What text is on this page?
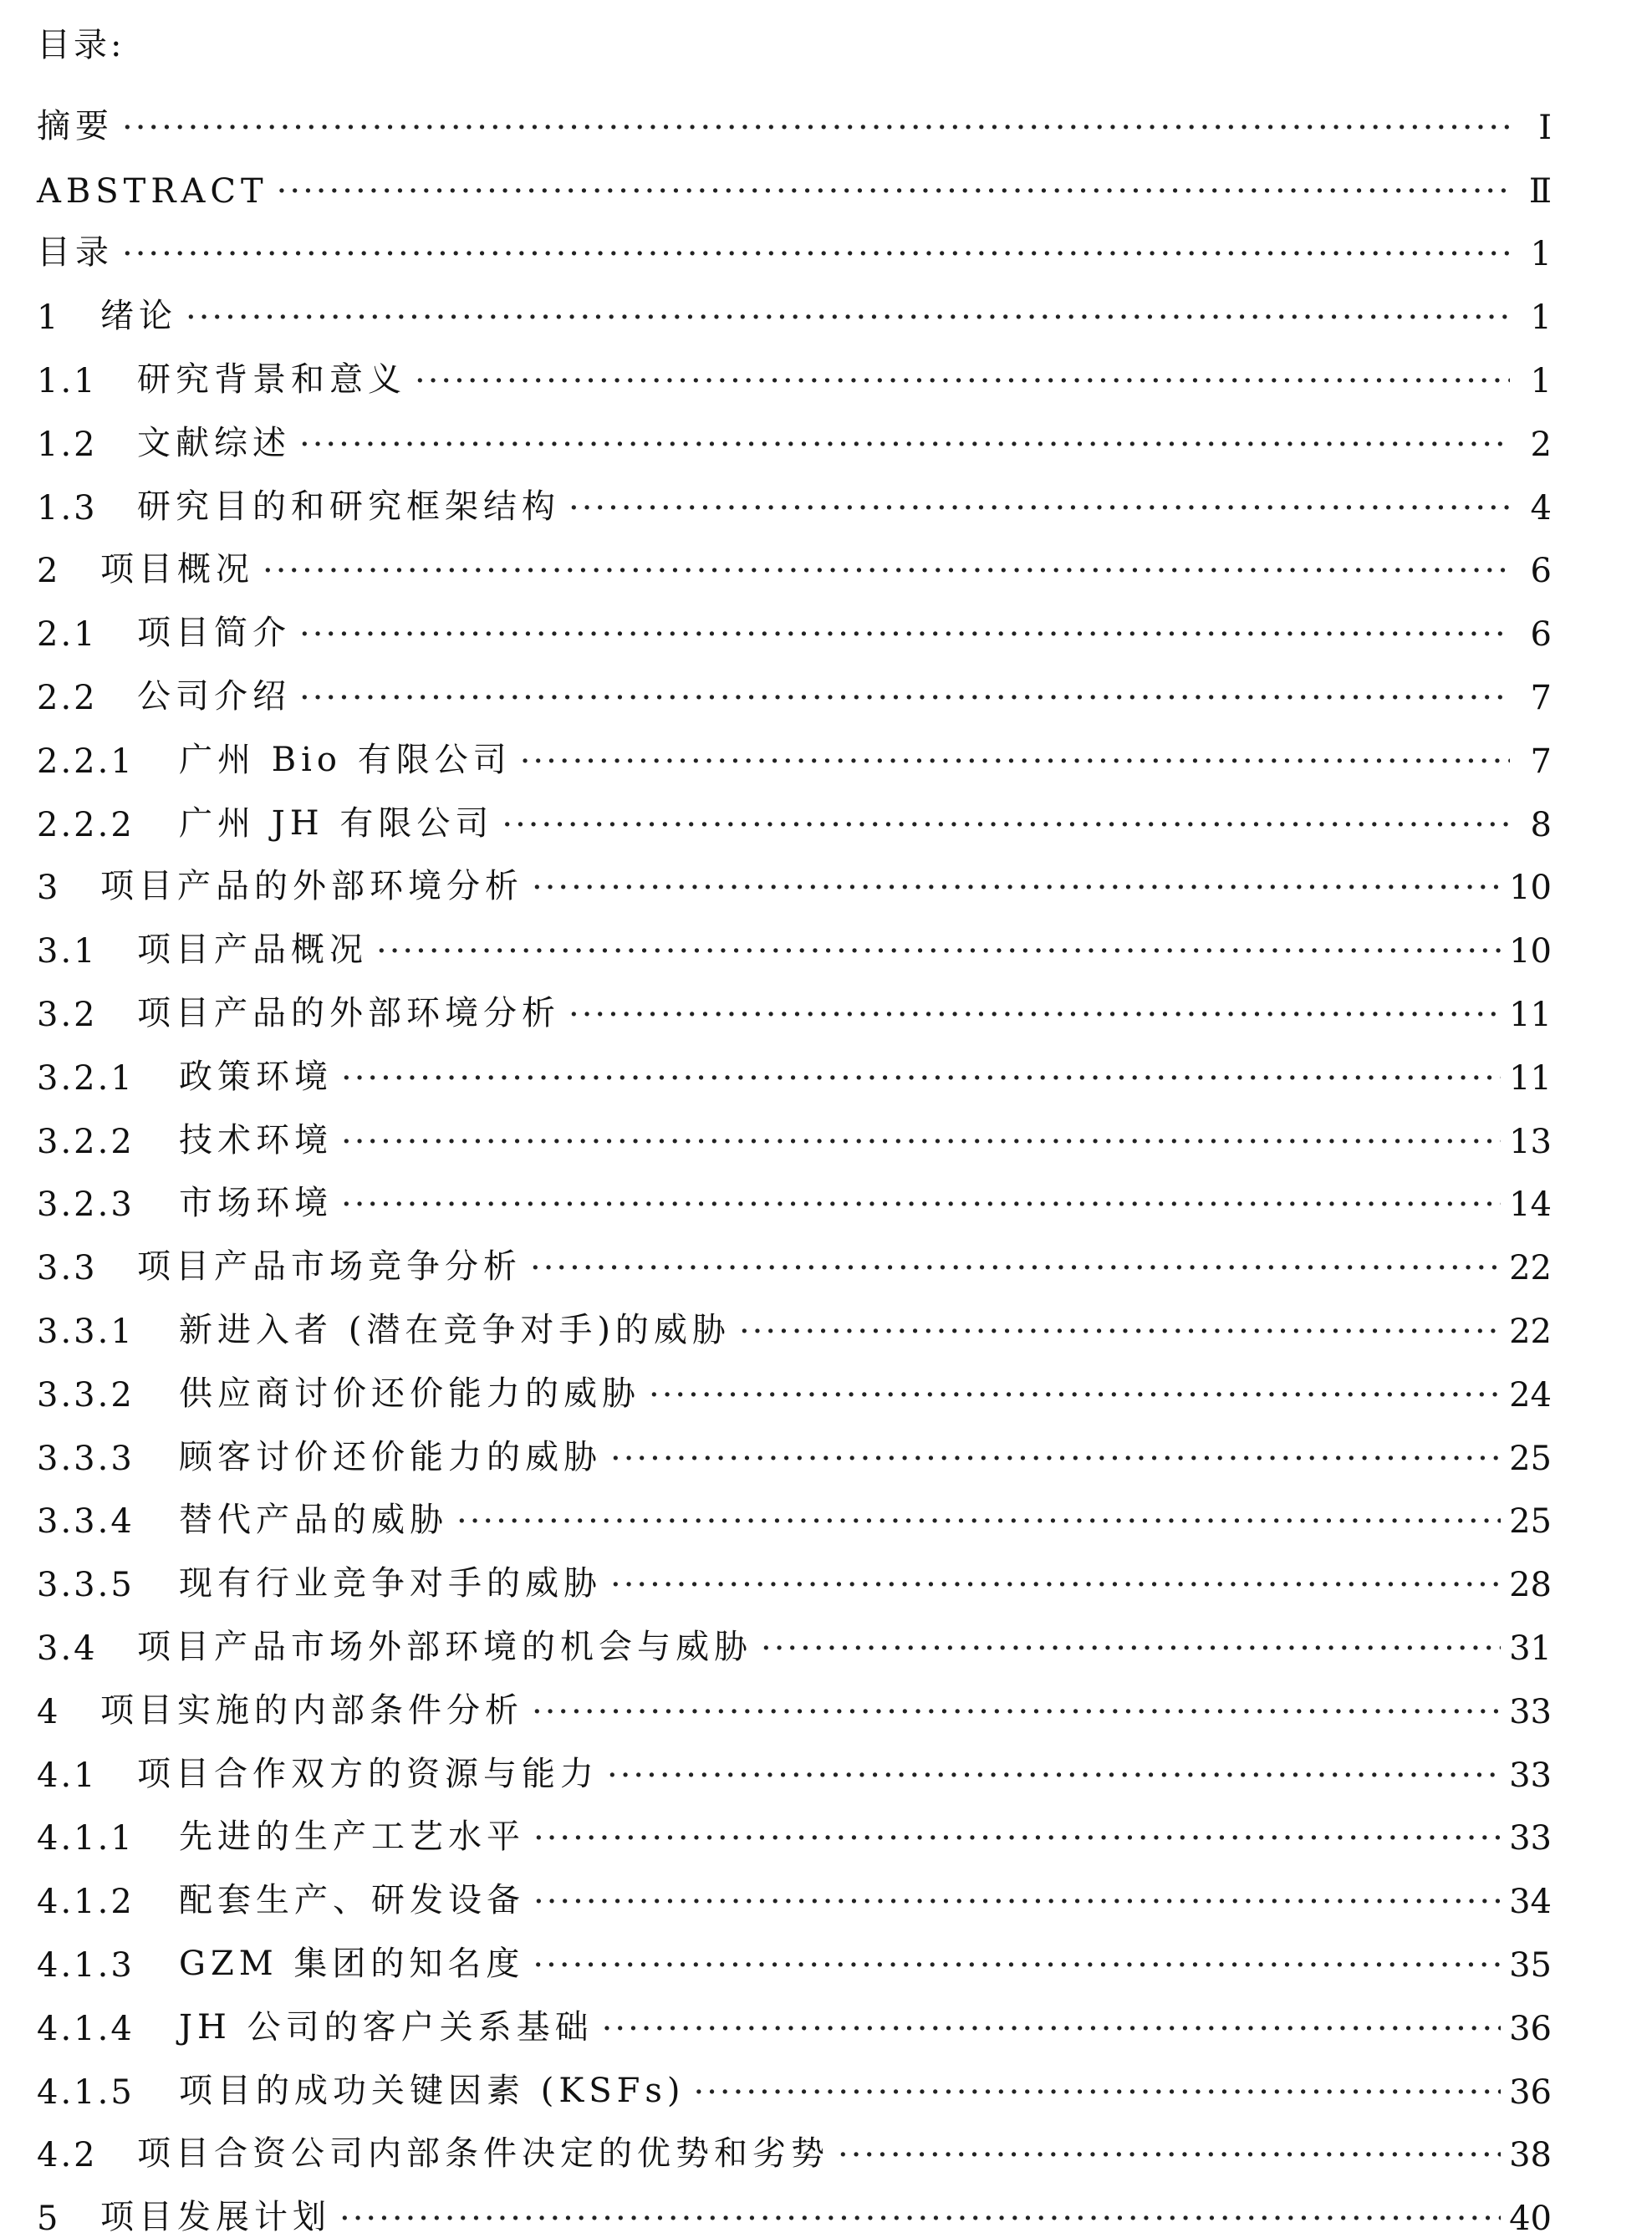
目录:
摘要 ·····	Ⅰ
ABSTRACT ·····	Ⅱ
目录 ·····	1
1	绪论 ·····	1
1.1	研究背景和意义 ·····	1
1.2	文献综述 ·····	2
1.3	研究目的和研究框架结构 ·····	4
2	项目概况 ·····	6
2.1	项目简介 ·····	6
2.2	公司介绍 ·····	7
2.2.1	广州 Bio 有限公司 ·····	7
2.2.2	广州 JH 有限公司 ·····	8
3	项目产品的外部环境分析 ·····	10
3.1	项目产品概况 ·····	10
3.2	项目产品的外部环境分析 ·····	11
3.2.1	政策环境 ·····	11
3.2.2	技术环境 ·····	13
3.2.3	市场环境 ·····	14
3.3	项目产品市场竞争分析 ·····	22
3.3.1	新进入者 (潜在竞争对手)的威胁 ·····	22
3.3.2	供应商讨价还价能力的威胁 ·····	24
3.3.3	顾客讨价还价能力的威胁 ·····	25
3.3.4	替代产品的威胁 ·····	25
3.3.5	现有行业竞争对手的威胁 ·····	28
3.4	项目产品市场外部环境的机会与威胁 ·····	31
4	项目实施的内部条件分析 ·····	33
4.1	项目合作双方的资源与能力 ·····	33
4.1.1	先进的生产工艺水平 ·····	33
4.1.2	配套生产、研发设备 ·····	34
4.1.3	GZM 集团的知名度 ·····	35
4.1.4	JH 公司的客户关系基础 ·····	36
4.1.5	项目的成功关键因素 (KSFs) ·····	36
4.2	项目合资公司内部条件决定的优势和劣势 ·····	38
5	项目发展计划 ·····	40
